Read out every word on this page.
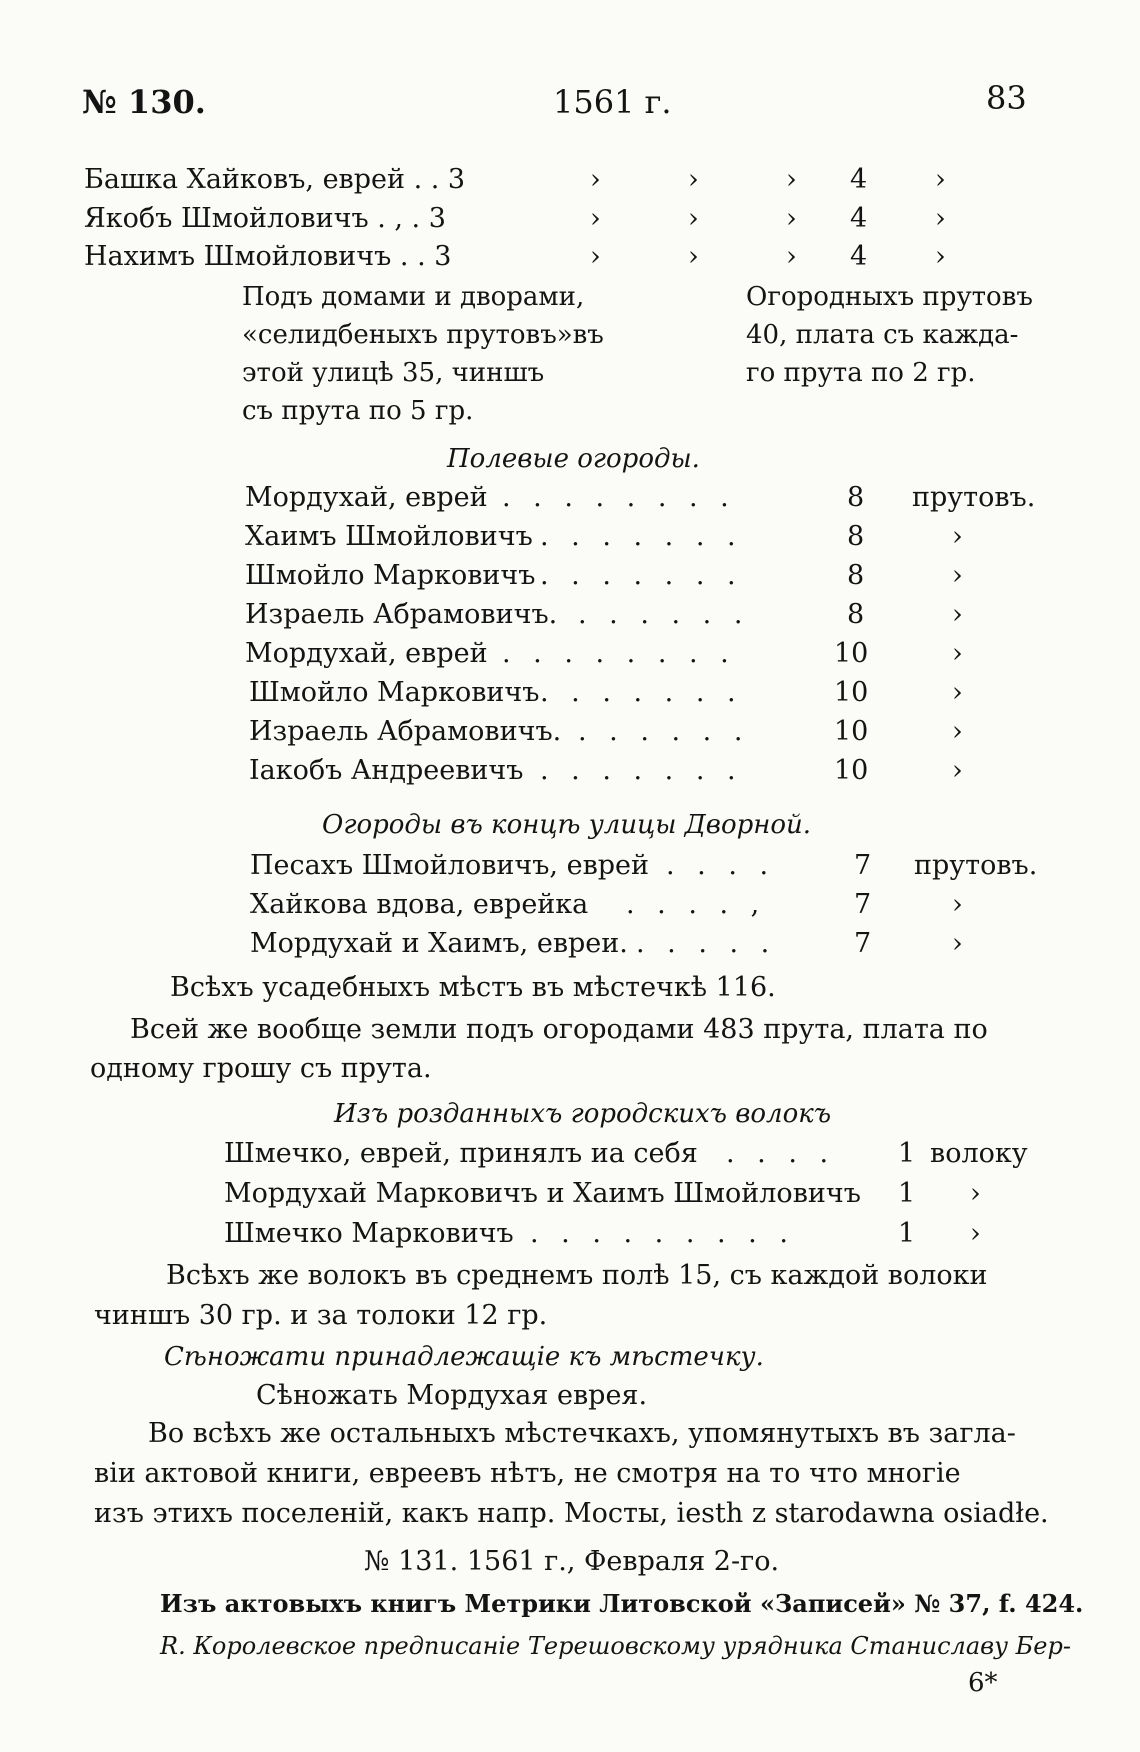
№ 130.	1561 г.	83
Башка Хайковъ, еврей . . 3	›	›	› 4	›
Якобъ Шмойловичъ . , . 3	›	›	› 4	›
Нахимъ Шмойловичъ . . 3	›	›	› 4	›
Подъ домами и дворами,
«селидбеныхъ прутовъ»въ
этой улицѣ 35, чиншъ
съ прута по 5 гр.
Огородныхъ прутовъ
40, плата съ кажда-
го прута по 2 гр.
Полевые огороды.
Мордухай, еврей . . . . . . . .	8 прутовъ.
Хаимъ Шмойловичъ . . . . . . .	8	›
Шмойло Марковичъ . . . . . . .	8	›
Израель Абрамовичъ. . . . . . .	8	›
Мордухай, еврей . . . . . . . .	10	›
Шмойло Марковичъ . . . . . . .	10	›
Израель Абрамовичъ. . . . . . .	10	›
Іакобъ Андреевичъ . . . . . . .	10	›
Огороды въ концѣ улицы Дворной.
Песахъ Шмойловичъ, еврей . . . .	7 прутовъ.
Хайкова вдова, еврейка . . . . ,	7	›
Мордухай и Хаимъ, евреи. . . . . .	7	›
Всѣхъ усадебныхъ мѣстъ въ мѣстечкѣ 116.
Всей же вообще земли подъ огородами 483 прута, плата по
одному грошу съ прута.
Изъ розданныхъ городскихъ волокъ
Шмечко, еврей, принялъ иа себя . . . . 1 волоку
Мордухай Марковичъ и Хаимъ Шмойловичъ 1 ›
Шмечко Марковичъ . . . . . . . . .	1 ›
Всѣхъ же волокъ въ среднемъ полѣ 15, съ каждой волоки
чиншъ 30 гр. и за толоки 12 гр.
Сѣножати принадлежащіе къ мѣстечку.
Сѣножать Мордухая еврея.
Во всѣхъ же остальныхъ мѣстечкахъ, упомянутыхъ въ загла-
віи актовой книги, евреевъ нѣтъ, не смотря на то что многіе
изъ этихъ поселеній, какъ напр. Мосты, iesth z starodawna osiadłe.
№ 131. 1561 г., Февраля 2-го.
Изъ актовыхъ книгъ Метрики Литовской «Записей» № 37, f. 424.
R. Королевское предписаніе Терешовскому урядника Станиславу Бер-
6*
